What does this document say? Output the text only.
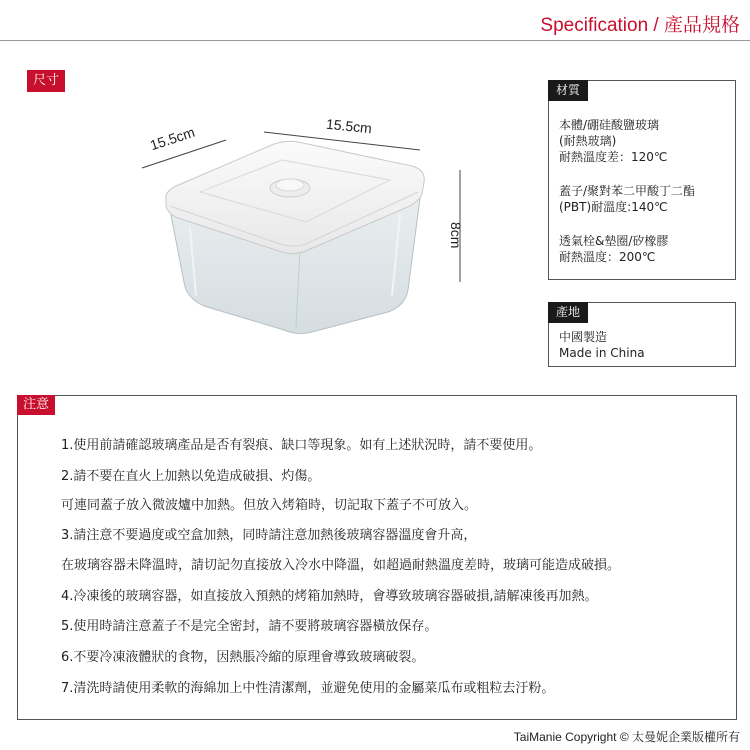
Specification / 產品規格
尺寸
15.5cm	15.5cm
8cm
材質
本體/硼硅酸鹽玻璃
(耐熱玻璃)
耐熱溫度差：120℃
蓋子/聚對苯二甲酸丁二酯
(PBT)耐溫度:140℃
透氣栓&墊圈/矽橡膠
耐熱溫度：200℃
產地
中國製造
Made in China
注意
1.使用前請確認玻璃產品是否有裂痕、缺口等現象。如有上述狀況時，請不要使用。
2.請不要在直火上加熱以免造成破損、灼傷。
可連同蓋子放入微波爐中加熱。但放入烤箱時，切記取下蓋子不可放入。
3.請注意不要過度或空盒加熱，同時請注意加熱後玻璃容器溫度會升高，
在玻璃容器未降溫時，請切記勿直接放入冷水中降溫，如超過耐熱溫度差時，玻璃可能造成破損。
4.冷凍後的玻璃容器，如直接放入預熱的烤箱加熱時，會導致玻璃容器破損,請解凍後再加熱。
5.使用時請注意蓋子不是完全密封，請不要將玻璃容器橫放保存。
6.不要冷凍液體狀的食物，因熱脹冷縮的原理會導致玻璃破裂。
7.清洗時請使用柔軟的海綿加上中性清潔劑，並避免使用的金屬菜瓜布或粗粒去汙粉。
TaiManie Copyright © 太曼妮企業版權所有
